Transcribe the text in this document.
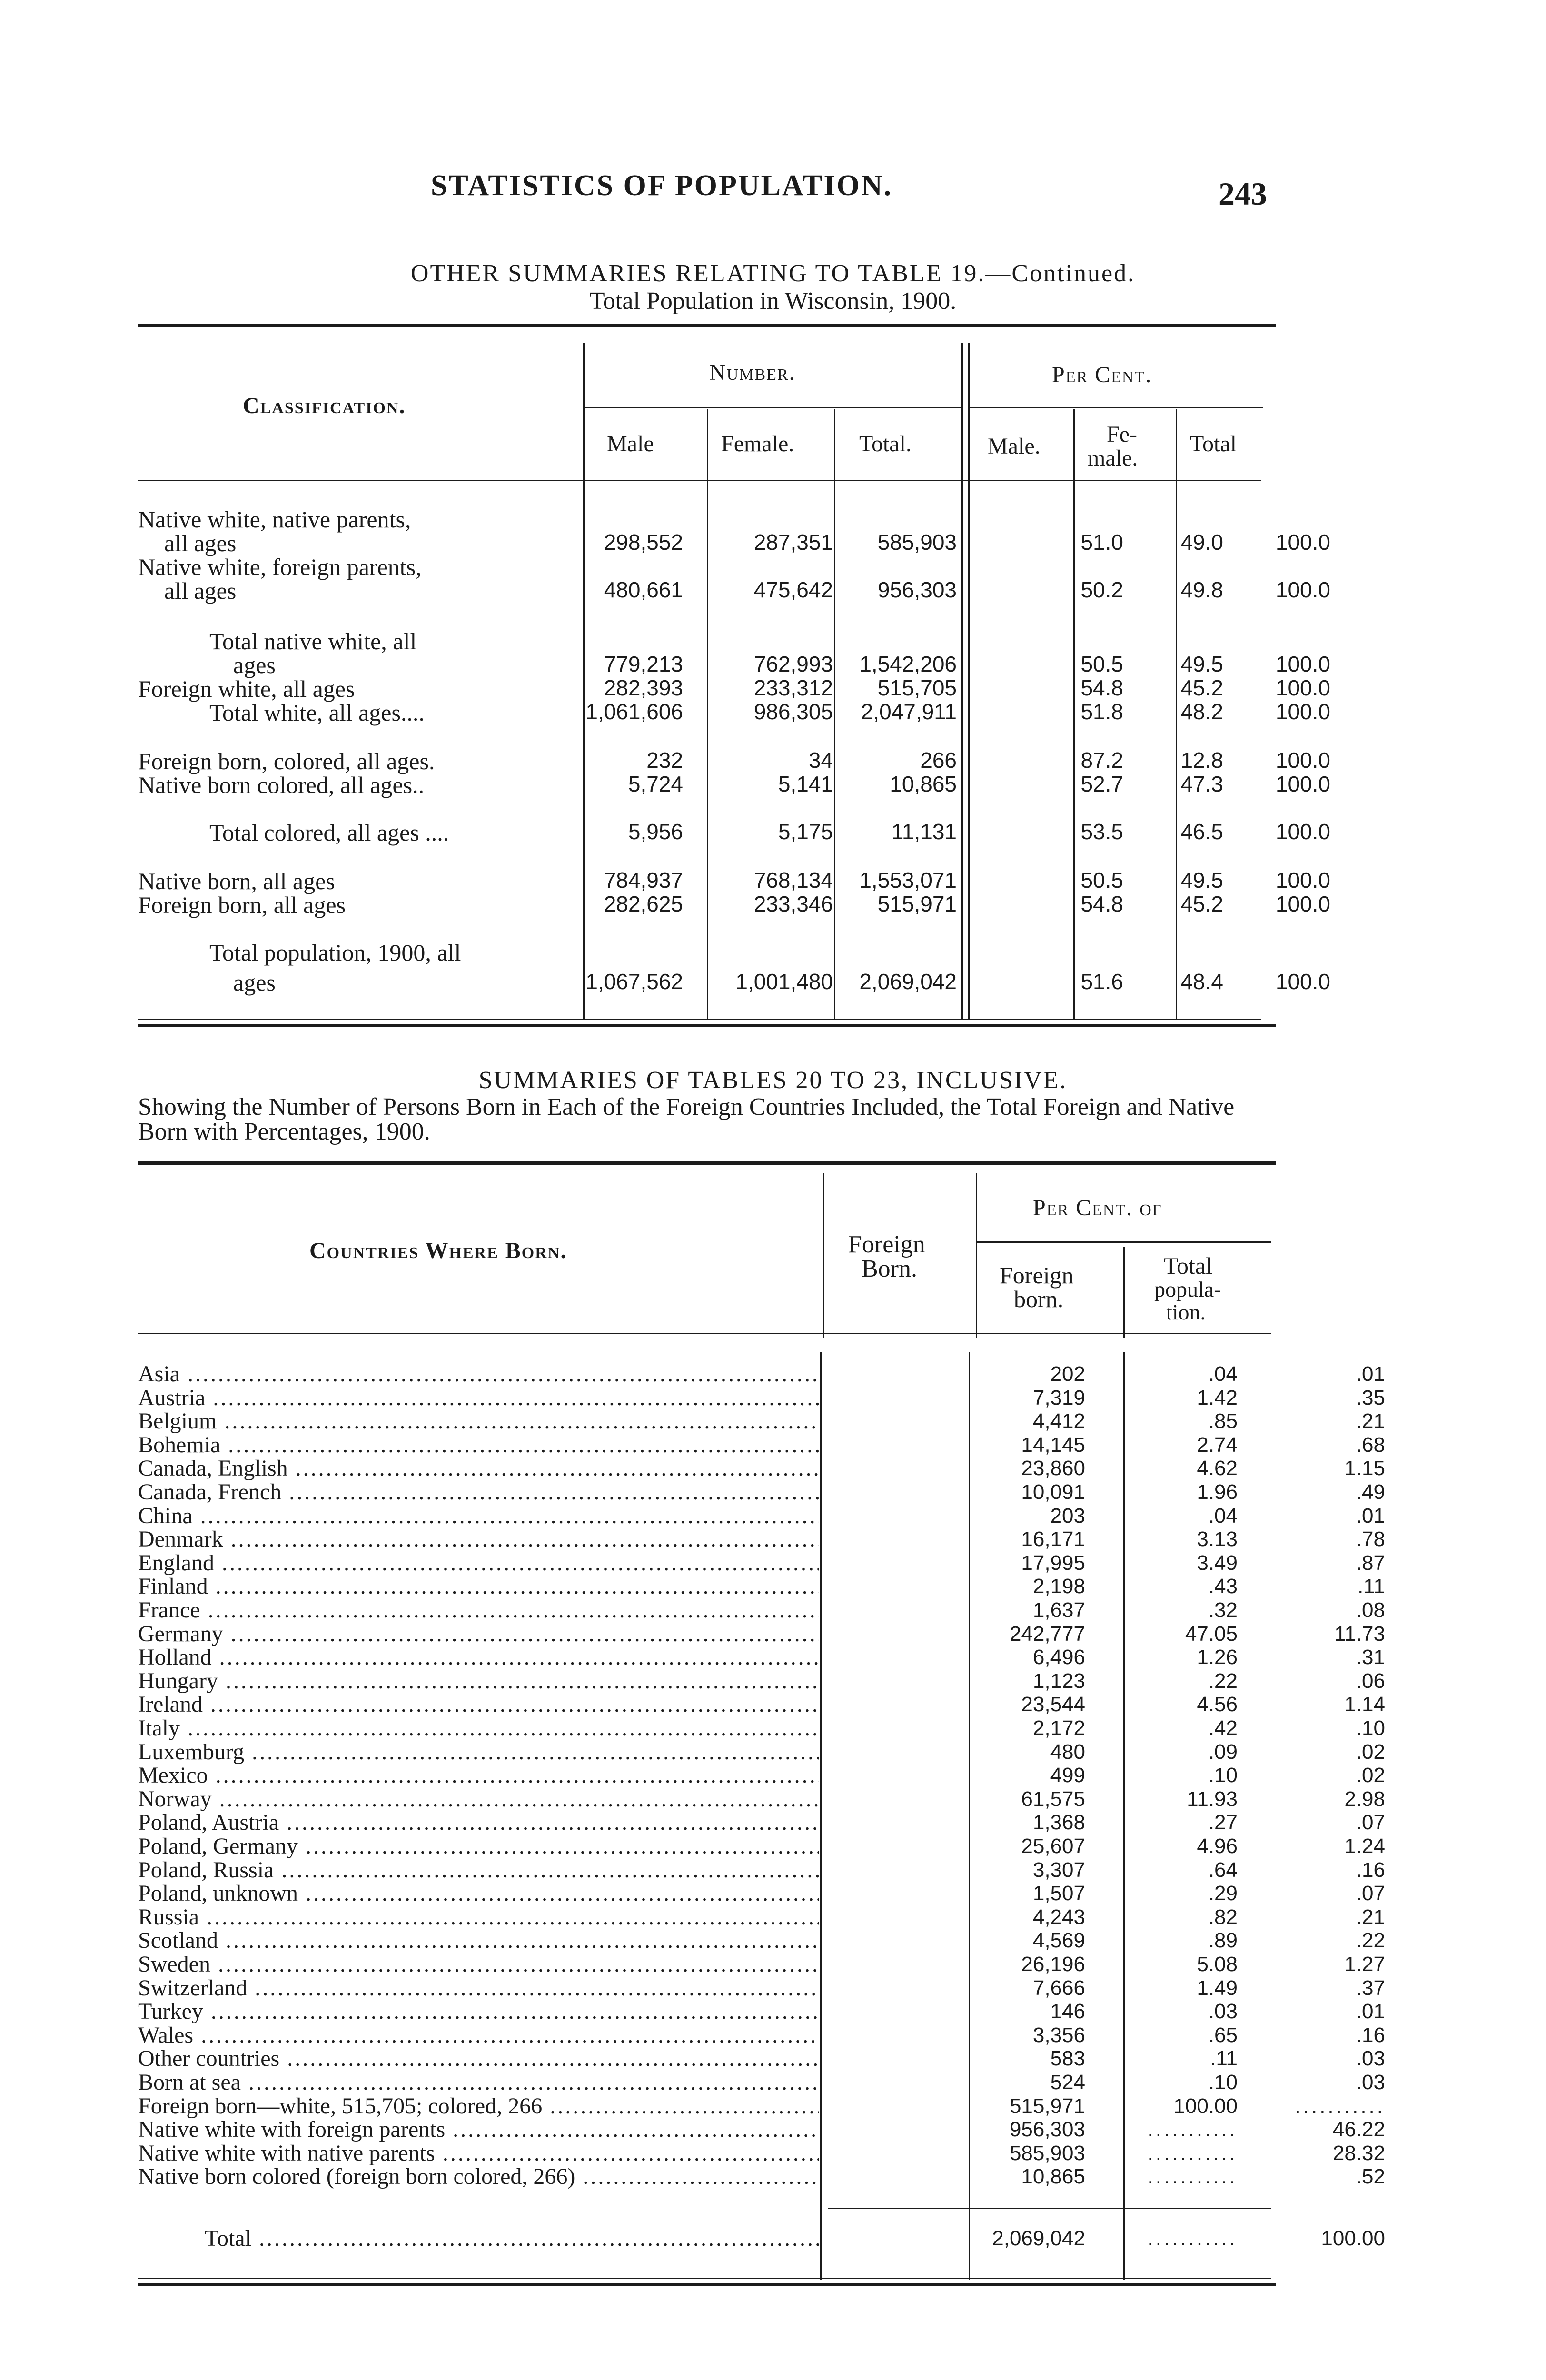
STATISTICS OF POPULATION.	243
OTHER SUMMARIES RELATING TO TABLE 19.—Continued.
Total Population in Wisconsin, 1900.
Classification.
Number.	Per Cent.
Male	Female.	Total.	Male.	Fe-
male.
Total
Native white, native parents,
all ages	298,552	287,351	585,903	51.0	49.0	100.0
Native white, foreign parents,
all ages	480,661	475,642	956,303	50.2	49.8	100.0
Total native white, all
ages	779,213	762,993	1,542,206	50.5	49.5	100.0
Foreign white, all ages	282,393	233,312	515,705	54.8	45.2	100.0
Total white, all ages....	1,061,606	986,305	2,047,911	51.8	48.2	100.0
Foreign born, colored, all ages.	232	34	266	87.2	12.8	100.0
Native born colored, all ages..	5,724	5,141	10,865	52.7	47.3	100.0
Total colored, all ages ....	5,956	5,175	11,131	53.5	46.5	100.0
Native born, all ages	784,937	768,134	1,553,071	50.5	49.5	100.0
Foreign born, all ages	282,625	233,346	515,971	54.8	45.2	100.0
Total population, 1900, all
ages	1,067,562	1,001,480	2,069,042	51.6	48.4	100.0
SUMMARIES OF TABLES 20 TO 23, INCLUSIVE.
Showing the Number of Persons Born in Each of the Foreign Countries Included, the Total Foreign and Native Born with Percentages, 1900.
Countries Where Born.	Foreign
Born.
Per Cent. of
Foreign
born.
Total
popula-
tion.
Asia .....	202	.04	.01
Austria .....	7,319	1.42	.35
Belgium .....	4,412	.85	.21
Bohemia .....	14,145	2.74	.68
Canada, English .....	23,860	4.62	1.15
Canada, French .....	10,091	1.96	.49
China .....	203	.04	.01
Denmark .....	16,171	3.13	.78
England .....	17,995	3.49	.87
Finland .....	2,198	.43	.11
France .....	1,637	.32	.08
Germany .....	242,777	47.05	11.73
Holland .....	6,496	1.26	.31
Hungary .....	1,123	.22	.06
Ireland .....	23,544	4.56	1.14
Italy .....	2,172	.42	.10
Luxemburg .....	480	.09	.02
Mexico .....	499	.10	.02
Norway .....	61,575	11.93	2.98
Poland, Austria .....	1,368	.27	.07
Poland, Germany .....	25,607	4.96	1.24
Poland, Russia .....	3,307	.64	.16
Poland, unknown .....	1,507	.29	.07
Russia .....	4,243	.82	.21
Scotland .....	4,569	.89	.22
Sweden .....	26,196	5.08	1.27
Switzerland .....	7,666	1.49	.37
Turkey .....	146	.03	.01
Wales .....	3,356	.65	.16
Other countries .....	583	.11	.03
Born at sea .....	524	.10	.03
Foreign born—white, 515,705; colored, 266 .....	515,971	100.00	...........
Native white with foreign parents .....	956,303	...........	46.22
Native white with native parents .....	585,903	...........	28.32
Native born colored (foreign born colored, 266) .....	10,865	...........	.52
Total .....	2,069,042	...........	100.00
